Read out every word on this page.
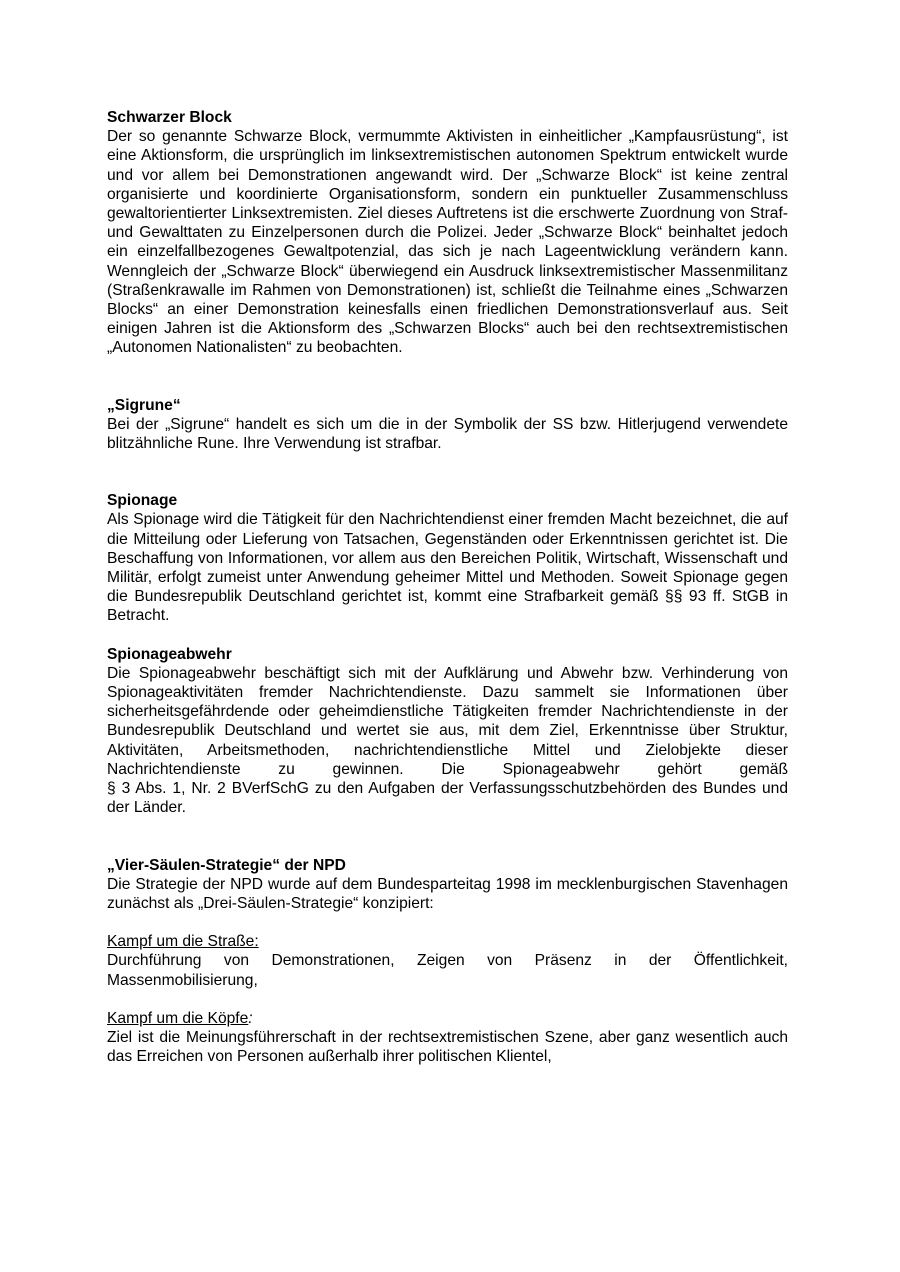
Schwarzer Block

Der so genannte Schwarze Block, vermummte Aktivisten in einheitlicher „Kampfausrüstung“, ist eine Aktionsform, die ursprünglich im linksextremistischen autonomen Spektrum entwickelt wurde und vor allem bei Demonstrationen angewandt wird. Der „Schwarze Block“ ist keine zentral organisierte und koordinierte Organisationsform, sondern ein punktueller Zusammenschluss gewaltorientierter Linksextremisten. Ziel dieses Auftretens ist die erschwerte Zuordnung von Straf- und Gewalttaten zu Einzelpersonen durch die Polizei. Jeder „Schwarze Block“ beinhaltet jedoch ein einzelfallbezogenes Gewaltpotenzial, das sich je nach Lageentwicklung verändern kann. Wenngleich der „Schwarze Block“ überwiegend ein Ausdruck linksextremistischer Massenmilitanz (Straßenkrawalle im Rahmen von Demonstrationen) ist, schließt die Teilnahme eines „Schwarzen Blocks“ an einer Demonstration keinesfalls einen friedlichen Demonstrationsverlauf aus. Seit einigen Jahren ist die Aktionsform des „Schwarzen Blocks“ auch bei den rechtsextremistischen „Autonomen Nationalisten“ zu beobachten.

„Sigrune“

Bei der „Sigrune“ handelt es sich um die in der Symbolik der SS bzw. Hitlerjugend verwendete blitzähnliche Rune. Ihre Verwendung ist strafbar.

Spionage

Als Spionage wird die Tätigkeit für den Nachrichtendienst einer fremden Macht bezeichnet, die auf die Mitteilung oder Lieferung von Tatsachen, Gegenständen oder Erkenntnissen gerichtet ist. Die Beschaffung von Informationen, vor allem aus den Bereichen Politik, Wirtschaft, Wissenschaft und Militär, erfolgt zumeist unter Anwendung geheimer Mittel und Methoden. Soweit Spionage gegen die Bundesrepublik Deutschland gerichtet ist, kommt eine Strafbarkeit gemäß §§ 93 ff. StGB in Betracht.

Spionageabwehr

Die Spionageabwehr beschäftigt sich mit der Aufklärung und Abwehr bzw. Verhinderung von Spionageaktivitäten fremder Nachrichtendienste. Dazu sammelt sie Informationen über sicherheitsgefährdende oder geheimdienstliche Tätigkeiten fremder Nachrichtendienste in der Bundesrepublik Deutschland und wertet sie aus, mit dem Ziel, Erkenntnisse über Struktur, Aktivitäten, Arbeitsmethoden, nachrichtendienstliche Mittel und Zielobjekte dieser Nachrichtendienste zu gewinnen. Die Spionageabwehr gehört gemäß

§ 3 Abs. 1, Nr. 2 BVerfSchG zu den Aufgaben der Verfassungsschutzbehörden des Bundes und der Länder.

„Vier-Säulen-Strategie“ der NPD

Die Strategie der NPD wurde auf dem Bundesparteitag 1998 im mecklenburgischen Stavenhagen zunächst als „Drei-Säulen-Strategie“ konzipiert:

Kampf um die Straße:

Durchführung von Demonstrationen, Zeigen von Präsenz in der Öffentlichkeit, Massenmobilisierung,

Kampf um die Köpfe:

Ziel ist die Meinungsführerschaft in der rechtsextremistischen Szene, aber ganz wesentlich auch das Erreichen von Personen außerhalb ihrer politischen Klientel,
